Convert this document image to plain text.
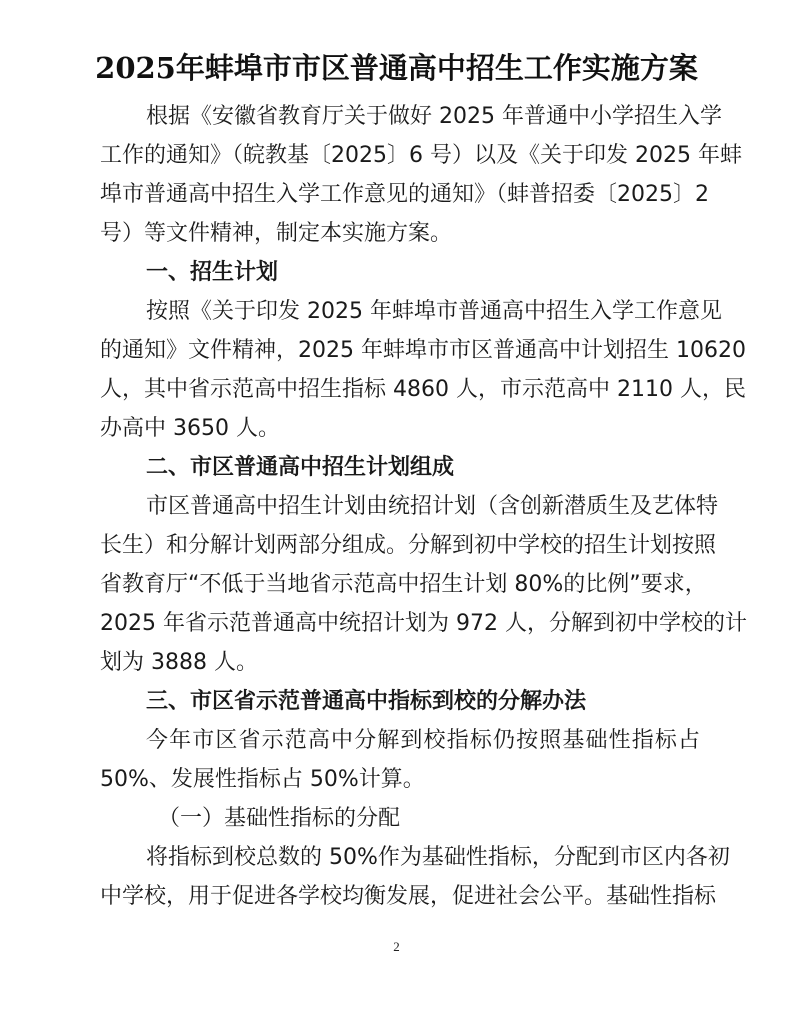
2025年蚌埠市市区普通高中招生工作实施方案
根据《安徽省教育厅关于做好 2025 年普通中小学招生入学
工作的通知》（皖教基〔2025〕6 号）以及《关于印发 2025 年蚌
埠市普通高中招生入学工作意见的通知》（蚌普招委〔2025〕2
号）等文件精神，制定本实施方案。
一、招生计划
按照《关于印发 2025 年蚌埠市普通高中招生入学工作意见
的通知》文件精神，2025 年蚌埠市市区普通高中计划招生 10620
人，其中省示范高中招生指标 4860 人，市示范高中 2110 人，民
办高中 3650 人。
二、市区普通高中招生计划组成
市区普通高中招生计划由统招计划（含创新潜质生及艺体特
长生）和分解计划两部分组成。分解到初中学校的招生计划按照
省教育厅“不低于当地省示范高中招生计划 80%的比例”要求，
2025 年省示范普通高中统招计划为 972 人，分解到初中学校的计
划为 3888 人。
三、市区省示范普通高中指标到校的分解办法
今年市区省示范高中分解到校指标仍按照基础性指标占
50%、发展性指标占 50%计算。
（一）基础性指标的分配
将指标到校总数的 50%作为基础性指标，分配到市区内各初
中学校，用于促进各学校均衡发展，促进社会公平。基础性指标
2
